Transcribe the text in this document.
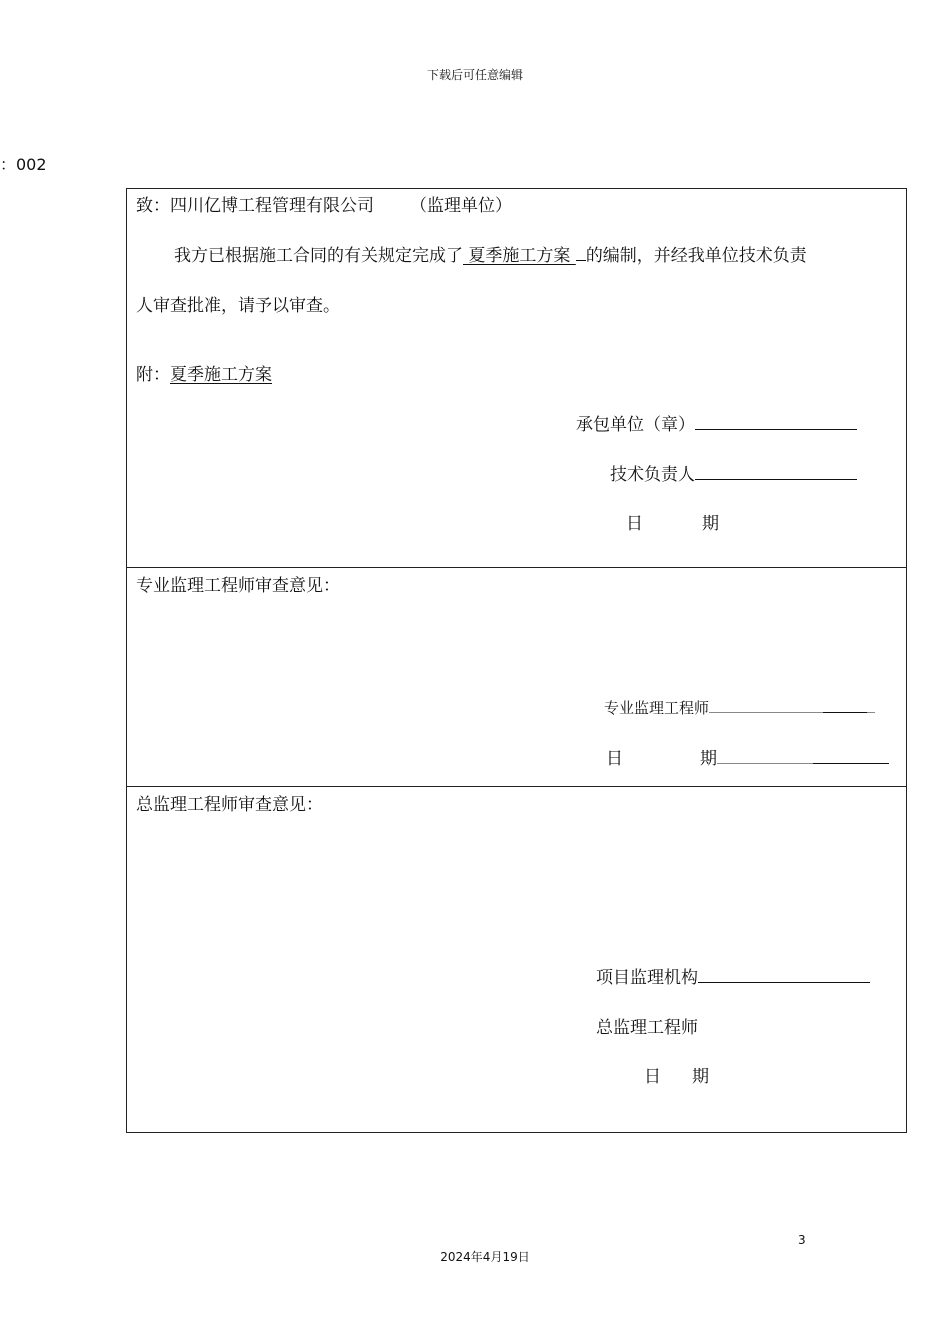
下载后可任意编辑
：002
致：四川亿博工程管理有限公司 （监理单位）
我方已根据施工合同的有关规定完成了 夏季施工方案 的编制，并经我单位技术负责
人审查批准，请予以审查。
附：夏季施工方案
承包单位（章）
技术负责人
日	期
专业监理工程师审查意见：
专业监理工程师
日	期
总监理工程师审查意见：
项目监理机构
总监理工程师
日 期
3
2024年4月19日
